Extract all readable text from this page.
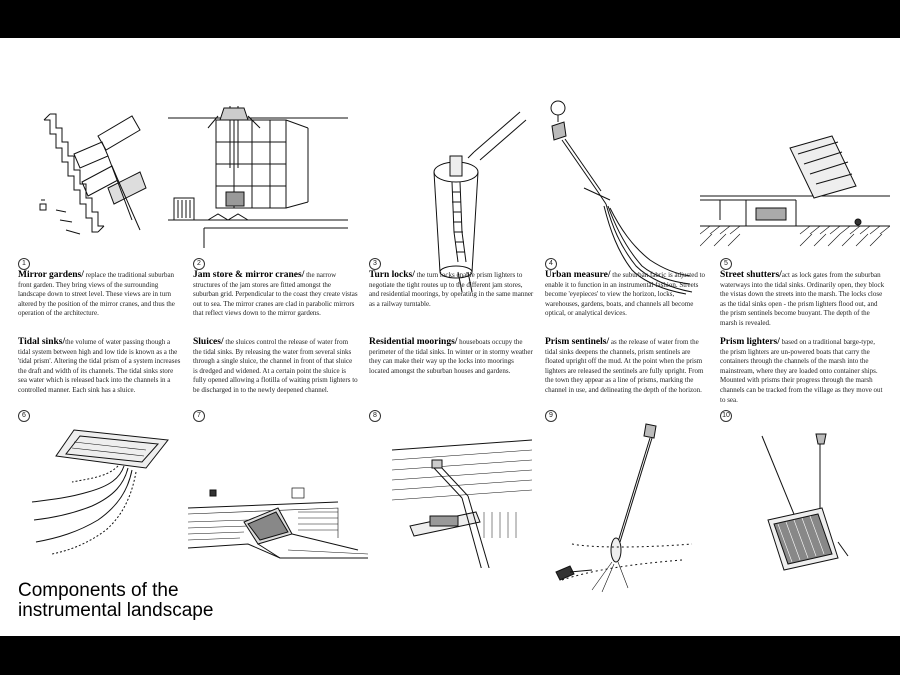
1	2	3	4	5
Mirror gardens/ replace the traditional suburban front garden. They bring views of the surrounding landscape down to street level. These views are in turn altered by the position of the mirror cranes, and thus the operation of the architecture.
Jam store & mirror cranes/ the narrow structures of the jam stores are fitted amongst the suburban grid. Perpendicular to the coast they create vistas out to sea. The mirror cranes are clad in parabolic mirrors that reflect views down to the mirror gardens.
Turn locks/ the turn locks enable prism lighters to negotiate the tight routes up to the different jam stores, and residential moorings, by operating in the same manner as a railway turntable.
Urban measure/ the suburban fabric is adjusted to enable it to function in an instrumental fashion. Streets become 'eyepieces' to view the horizon, locks, warehouses, gardens, boats, and channels all become optical, or analytical devices.
Street shutters/act as lock gates from the suburban waterways into the tidal sinks. Ordinarily open, they block the vistas down the streets into the marsh. The locks close as the tidal sinks open - the prism lighters flood out, and the prism sentinels become buoyant. The depth of the marsh is revealed.
Tidal sinks/the volume of water passing though a tidal system between high and low tide is known as a the 'tidal prism'. Altering the tidal prism of a system increases the draft and width of its channels. The tidal sinks store sea water which is released back into the channels in a controlled manner. Each sink has a sluice.
Sluices/ the sluices control the release of water from the tidal sinks. By releasing the water from several sinks through a single sluice, the channel in front of that sluice is dredged and widened. At a certain point the sluice is fully opened allowing a flotilla of waiting prism lighters to be discharged in to the newly deepened channel.
Residential moorings/ houseboats occupy the perimeter of the tidal sinks. In winter or in stormy weather they can make their way up the locks into moorings located amongst the suburban houses and gardens.
Prism sentinels/ as the release of water from the tidal sinks deepens the channels, prism sentinels are floated upright off the mud. At the point when the prism lighters are released the sentinels are fully upright. From the town they appear as a line of prisms, marking the channel in use, and delineating the depth of the horizon.
Prism lighters/ based on a traditional barge-type, the prism lighters are un-powered boats that carry the containers through the channels of the marsh into the mainstream, where they are loaded onto container ships. Mounted with prisms their progress through the marsh channels can be tracked from the village as they move out to sea.
6	7	8	9	10
Components of the
instrumental landscape
